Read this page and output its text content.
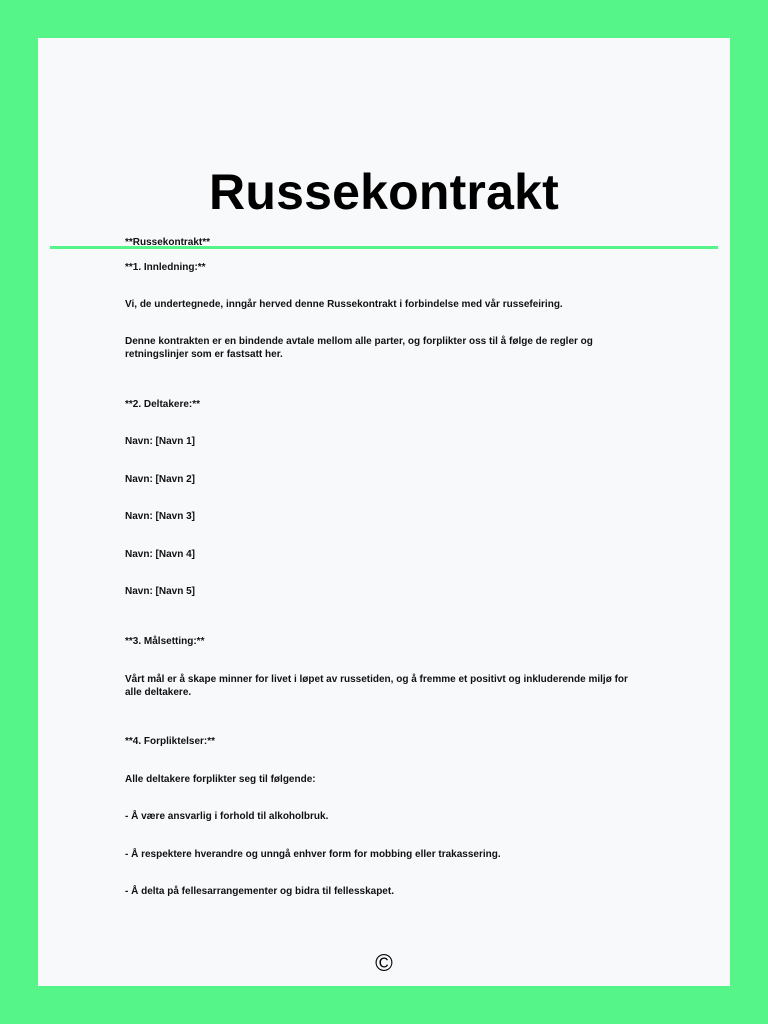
Russekontrakt

**Russekontrakt**

**1. Innledning:**

Vi, de undertegnede, inngår herved denne Russekontrakt i forbindelse med vår russefeiring.

Denne kontrakten er en bindende avtale mellom alle parter, og forplikter oss til å følge de regler og retningslinjer som er fastsatt her.

**2. Deltakere:**

Navn: [Navn 1]

Navn: [Navn 2]

Navn: [Navn 3]

Navn: [Navn 4]

Navn: [Navn 5]

**3. Målsetting:**

Vårt mål er å skape minner for livet i løpet av russetiden, og å fremme et positivt og inkluderende miljø for alle deltakere.

**4. Forpliktelser:**

Alle deltakere forplikter seg til følgende:

- Å være ansvarlig i forhold til alkoholbruk.

- Å respektere hverandre og unngå enhver form for mobbing eller trakassering.

- Å delta på fellesarrangementer og bidra til fellesskapet.

©
